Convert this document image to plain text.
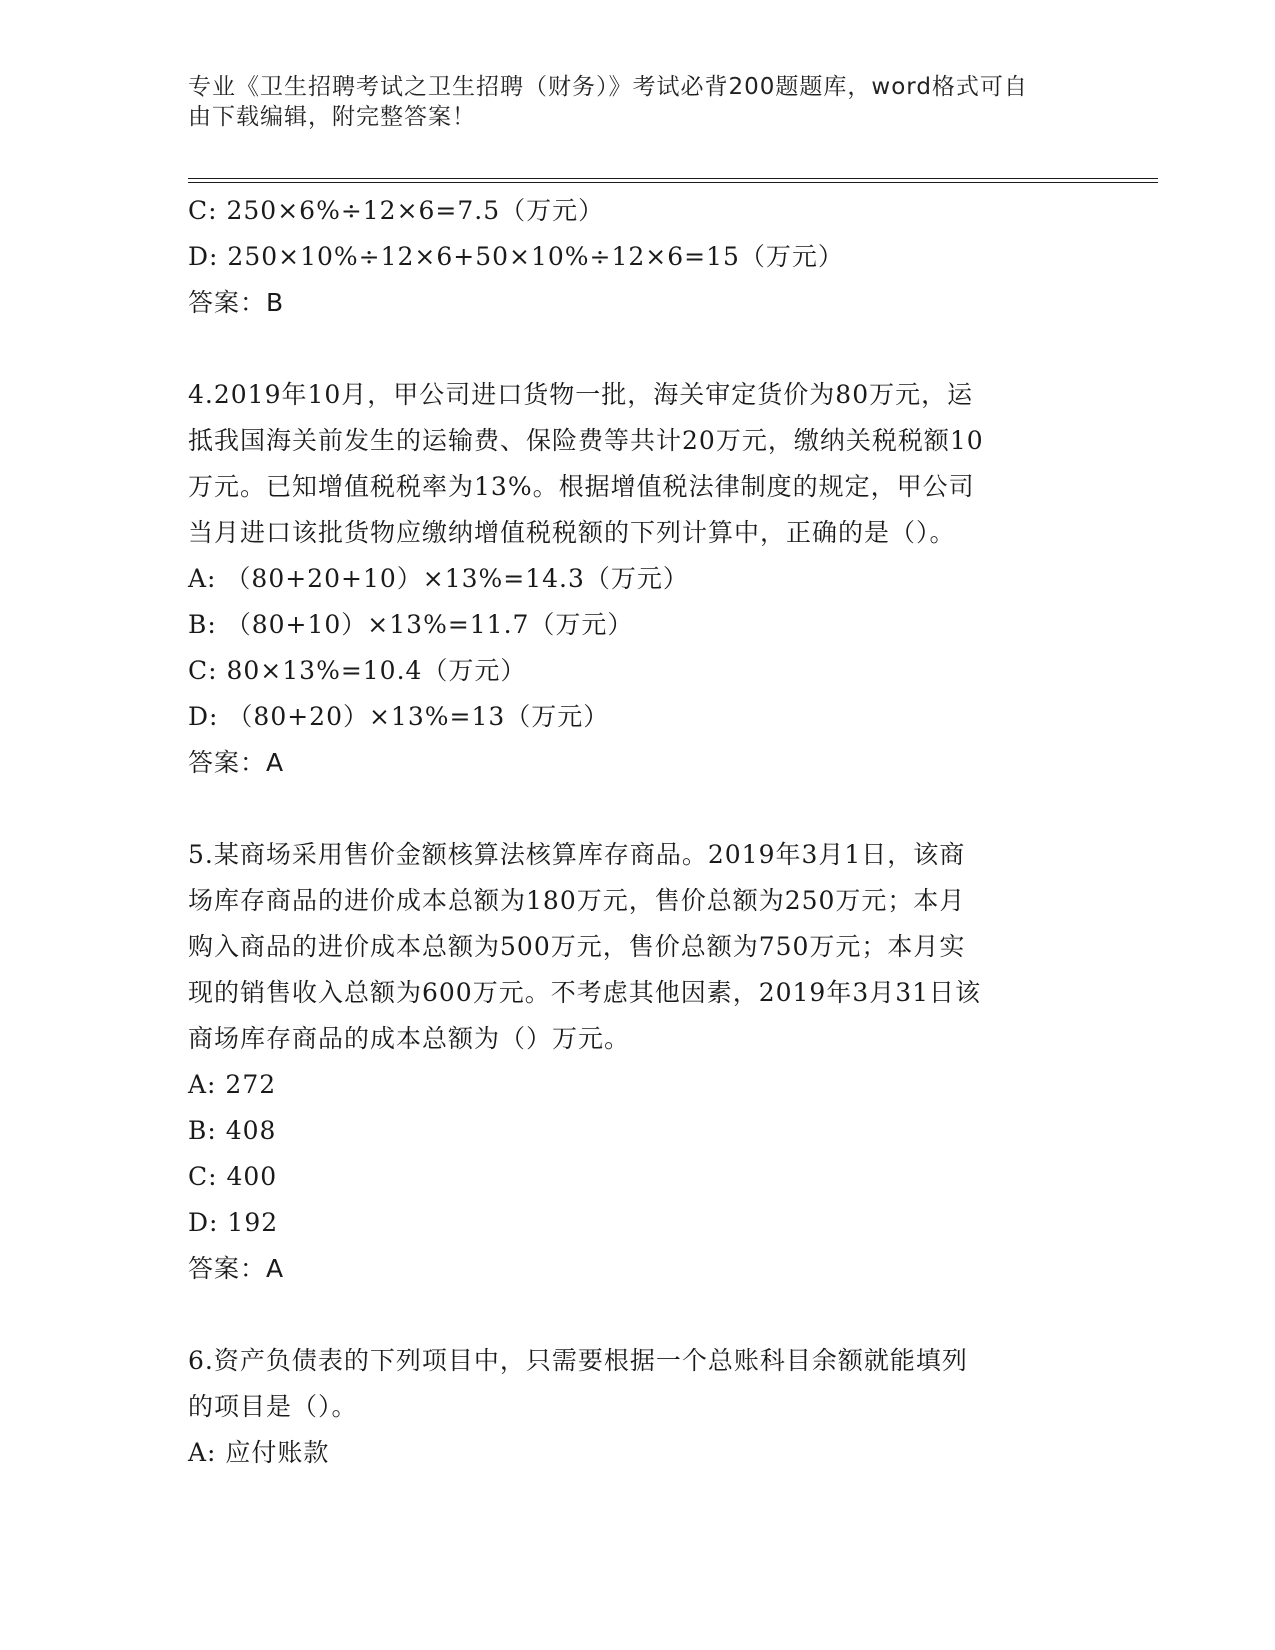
专业《卫生招聘考试之卫生招聘（财务）》考试必背200题题库，word格式可自
由下载编辑，附完整答案！
C: 250×6%÷12×6=7.5（万元）
D: 250×10%÷12×6+50×10%÷12×6=15（万元）
答案：B
4.2019年10月，甲公司进口货物一批，海关审定货价为80万元，运
抵我国海关前发生的运输费、保险费等共计20万元，缴纳关税税额10
万元。已知增值税税率为13%。根据增值税法律制度的规定，甲公司
当月进口该批货物应缴纳增值税税额的下列计算中，正确的是（）。
A: （80+20+10）×13%=14.3（万元）
B: （80+10）×13%=11.7（万元）
C: 80×13%=10.4（万元）
D: （80+20）×13%=13（万元）
答案：A
5.某商场采用售价金额核算法核算库存商品。2019年3月1日，该商
场库存商品的进价成本总额为180万元，售价总额为250万元；本月
购入商品的进价成本总额为500万元，售价总额为750万元；本月实
现的销售收入总额为600万元。不考虑其他因素，2019年3月31日该
商场库存商品的成本总额为（）万元。
A: 272
B: 408
C: 400
D: 192
答案：A
6.资产负债表的下列项目中，只需要根据一个总账科目余额就能填列
的项目是（）。
A: 应付账款
